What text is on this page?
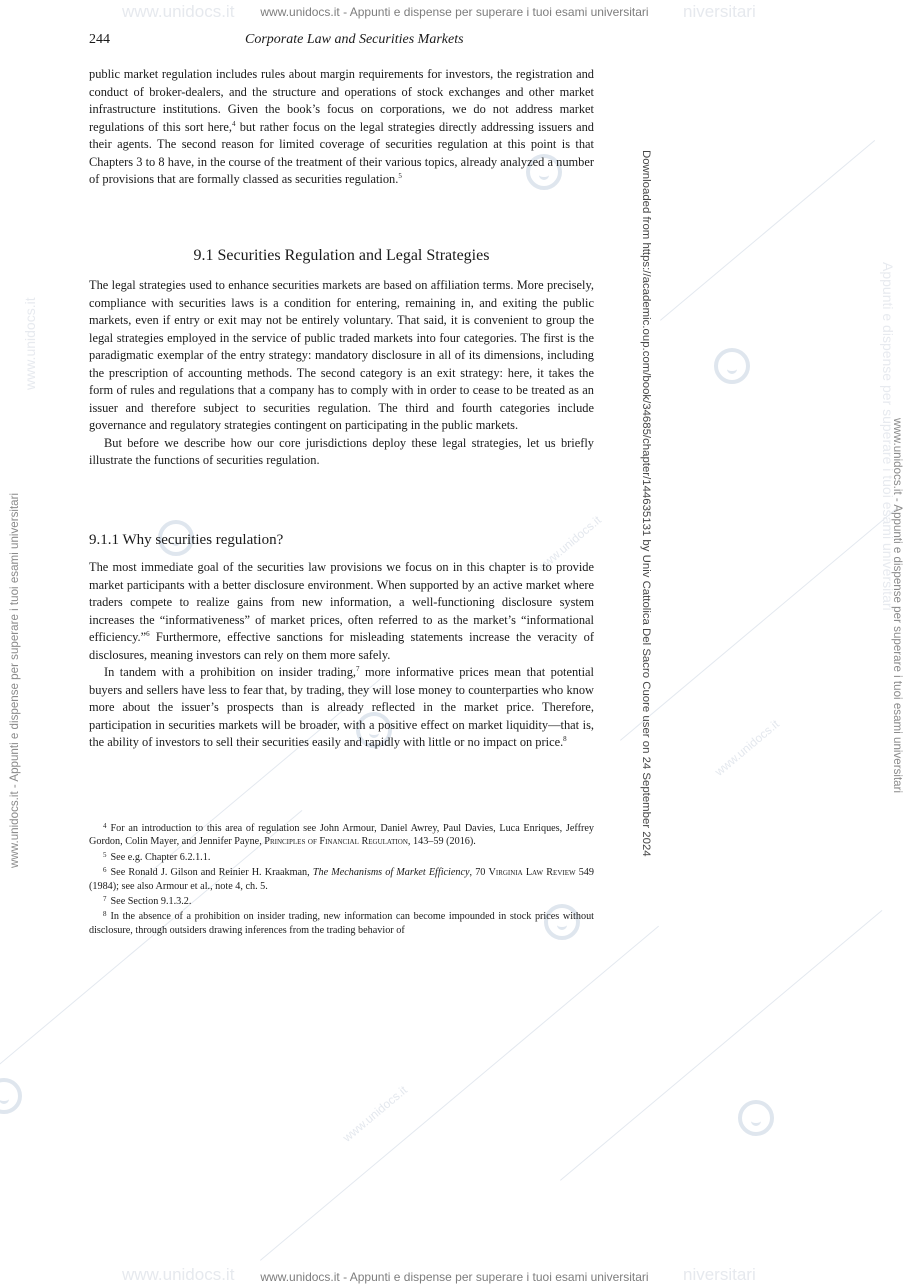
www.unidocs.it
www.unidocs.it
www.unidocs.it
www.unidocs.it	niversitari
www.unidocs.it	niversitari
www.unidocs.it - Appunti e dispense per superare i tuoi esami universitari
www.unidocs.it - Appunti e dispense per superare i tuoi esami universitari
www.unidocs.it - Appunti e dispense per superare i tuoi esami universitari
www.unidocs.it
www.unidocs.it - Appunti e dispense per superare i tuoi esami universitari
Appunti e dispense per superare i tuoi esami universitari
Downloaded from https://academic.oup.com/book/34685/chapter/144635131 by Univ Cattolica Del Sacro Cuore user on 24 September 2024
244	Corporate Law and Securities Markets

public market regulation includes rules about margin requirements for investors, the registration and conduct of broker-dealers, and the structure and operations of stock exchanges and other market infrastructure institutions. Given the book’s focus on corporations, we do not address market regulations of this sort here,$^4$ but rather focus on the legal strategies directly addressing issuers and their agents. The second reason for limited coverage of securities regulation at this point is that Chapters 3 to 8 have, in the course of the treatment of their various topics, already analyzed a number of provisions that are formally classed as securities regulation.$^5$

9.1 Securities Regulation and Legal Strategies

The legal strategies used to enhance securities markets are based on affiliation terms. More precisely, compliance with securities laws is a condition for entering, remaining in, and exiting the public markets, even if entry or exit may not be entirely voluntary. That said, it is convenient to group the legal strategies employed in the service of public traded markets into four categories. The first is the paradigmatic exemplar of the entry strategy: mandatory disclosure in all of its dimensions, including the prescription of accounting methods. The second category is an exit strategy: here, it takes the form of rules and regulations that a company has to comply with in order to cease to be treated as an issuer and therefore subject to securities regulation. The third and fourth categories include governance and regulatory strategies contingent on participating in the public markets.

But before we describe how our core jurisdictions deploy these legal strategies, let us briefly illustrate the functions of securities regulation.

9.1.1 Why securities regulation?

The most immediate goal of the securities law provisions we focus on in this chapter is to provide market participants with a better disclosure environment. When supported by an active market where traders compete to realize gains from new information, a well-functioning disclosure system increases the “informativeness” of market prices, often referred to as the market’s “informational efficiency.”$^6$ Furthermore, effective sanctions for misleading statements increase the veracity of disclosures, meaning investors can rely on them more safely.

In tandem with a prohibition on insider trading,$^7$ more informative prices mean that potential buyers and sellers have less to fear that, by trading, they will lose money to counterparties who know more about the issuer’s prospects than is already reflected in the market price. Therefore, participation in securities markets will be broader, with a positive effect on market liquidity—that is, the ability of investors to sell their securities easily and rapidly with little or no impact on price.$^8$

$^4$ For an introduction to this area of regulation see John Armour, Daniel Awrey, Paul Davies, Luca Enriques, Jeffrey Gordon, Colin Mayer, and Jennifer Payne, Principles of Financial Regulation, 143–59 (2016).

$^5$ See e.g. Chapter 6.2.1.1.

$^6$ See Ronald J. Gilson and Reinier H. Kraakman, The Mechanisms of Market Efficiency, 70 Virginia Law Review 549 (1984); see also Armour et al., note 4, ch. 5.

$^7$ See Section 9.1.3.2.

$^8$ In the absence of a prohibition on insider trading, new information can become impounded in stock prices without disclosure, through outsiders drawing inferences from the trading behavior of
